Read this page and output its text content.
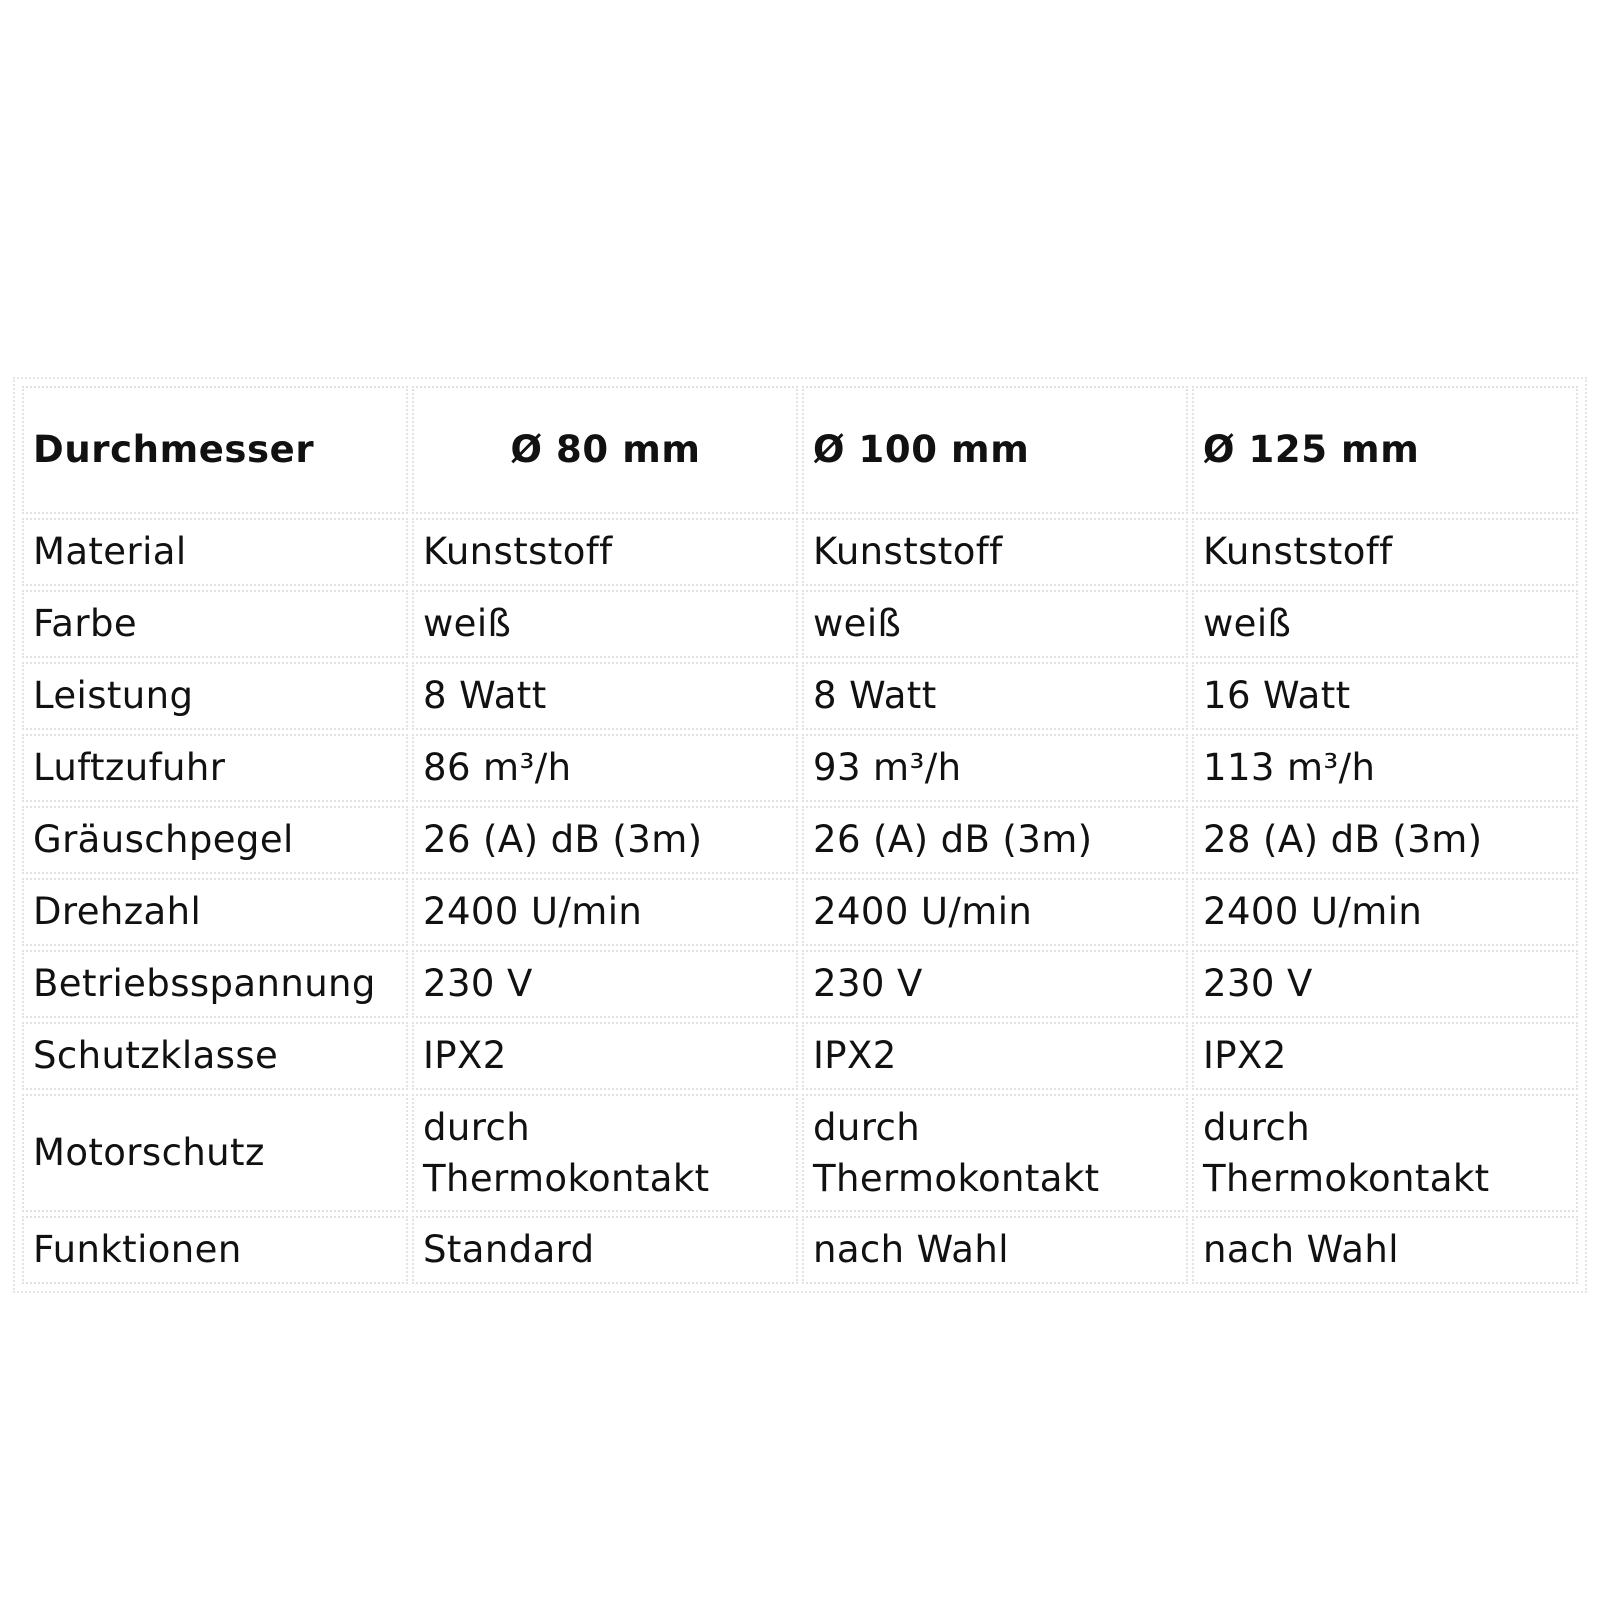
Durchmesser	Ø 80 mm	Ø 100 mm	Ø 125 mm
Material	Kunststoff	Kunststoff	Kunststoff
Farbe	weiß	weiß	weiß
Leistung	8 Watt	8 Watt	16 Watt
Luftzufuhr	86 m³/h	93 m³/h	113 m³/h
Gräuschpegel	26 (A) dB (3m)	26 (A) dB (3m)	28 (A) dB (3m)
Drehzahl	2400 U/min	2400 U/min	2400 U/min
Betriebsspannung	230 V	230 V	230 V
Schutzklasse	IPX2	IPX2	IPX2
Motorschutz	durch Thermokontakt	durch Thermokontakt	durch Thermokontakt
Funktionen	Standard	nach Wahl	nach Wahl
